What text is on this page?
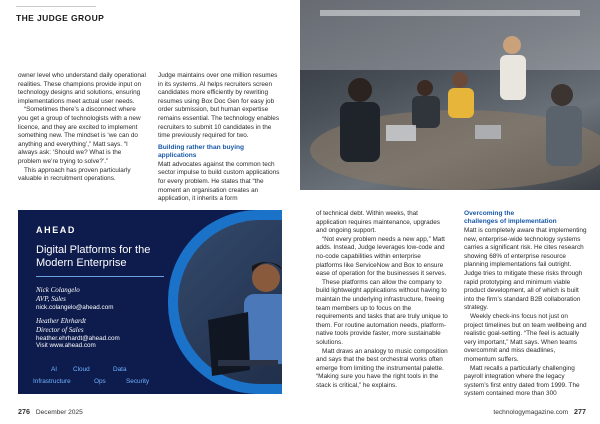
THE JUDGE GROUP

owner level who understand daily operational realities. These champions provide input on technology designs and solutions, ensuring implementations meet actual user needs.

“Sometimes there’s a disconnect where you get a group of technologists with a new licence, and they are excited to implement something new. The mindset is ‘we can do anything and everything’,” Matt says. “I always ask: ‘Should we? What is the problem we’re trying to solve?’.”

This approach has proven particularly valuable in recruitment operations.

Judge maintains over one million resumes in its systems. AI helps recruiters screen candidates more efficiently by rewriting resumes using Box Doc Gen for easy job order submission, but human expertise remains essential. The technology enables recruiters to submit 10 candidates in the time previously required for two.

Building rather than buying applications

Matt advocates against the common tech sector impulse to build custom applications for every problem. He states that “the moment an organisation creates an application, it inherits a form

AHEAD
Digital Platforms for the Modern Enterprise
Nick Colangelo
AVP, Sales
nick.colangelo@ahead.com
Heather Ehrhardt
Director of Sales
heather.ehrhardt@ahead.com
Visit www.ahead.com
AI Cloud	Data
Infrastructure	Ops	Security

of technical debt. Within weeks, that application requires maintenance, upgrades and ongoing support.

“Not every problem needs a new app,” Matt adds. Instead, Judge leverages low-code and no-code capabilities within enterprise platforms like ServiceNow and Box to ensure ease of operation for the businesses it serves.

These platforms can allow the company to build lightweight applications without having to maintain the underlying infrastructure, freeing team members up to focus on the requirements and tasks that are truly unique to them. For routine automation needs, platform-native tools provide faster, more sustainable solutions.

Matt draws an analogy to music composition and says that the best orchestral works often emerge from limiting the instrumental palette. “Making sure you have the right tools in the stack is critical,” he explains.

Overcoming the
challenges of implementation

Matt is completely aware that implementing new, enterprise-wide technology systems carries a significant risk. He cites research showing 68% of enterprise resource planning implementations fail outright. Judge tries to mitigate these risks through rapid prototyping and minimum viable product development, all of which is built into the firm’s standard B2B collaboration strategy.

Weekly check-ins focus not just on project timelines but on team wellbeing and realistic goal-setting. “The feel is actually very important,” Matt says. When teams overcommit and miss deadlines, momentum suffers.

Matt recalls a particularly challenging payroll integration where the legacy system’s first entry dated from 1999. The system contained more than 300

276 December 2025	technologymagazine.com 277
